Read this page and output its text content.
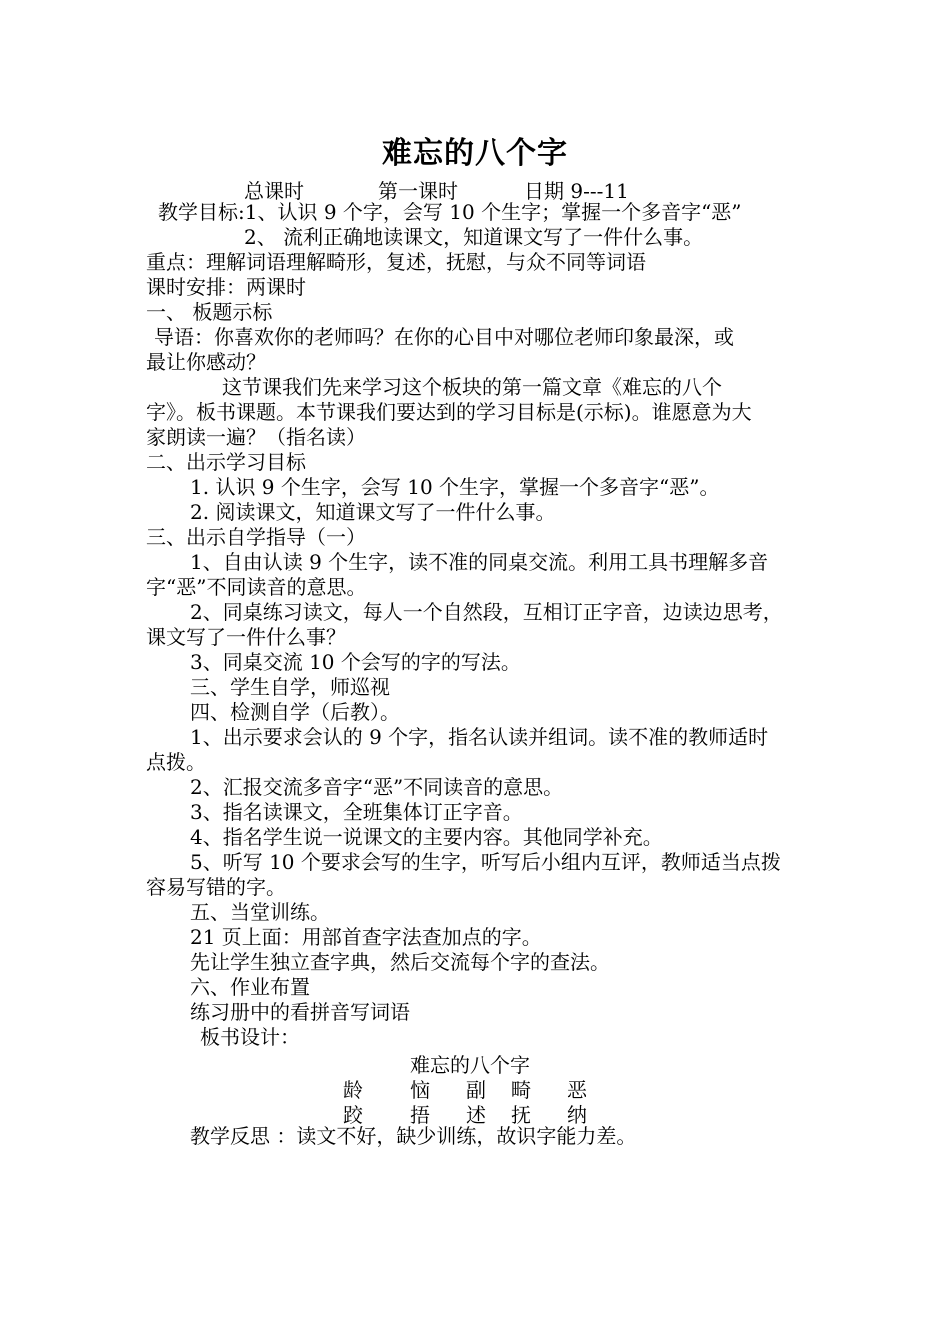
难忘的八个字
总课时	第一课时	日期 9---11
教学目标:1、认识 9 个字，会写 10 个生字；掌握一个多音字“恶”
2、 流利正确地读课文，知道课文写了一件什么事。
重点：理解词语理解畸形，复述，抚慰，与众不同等词语
课时安排：两课时
一、 板题示标
导语：你喜欢你的老师吗？在你的心目中对哪位老师印象最深，或
最让你感动？
这节课我们先来学习这个板块的第一篇文章《难忘的八个
字》。板书课题。本节课我们要达到的学习目标是(示标)。谁愿意为大
家朗读一遍？（指名读）
二、出示学习目标
1. 认识 9 个生字，会写 10 个生字，掌握一个多音字“恶”。
2. 阅读课文，知道课文写了一件什么事。
三、出示自学指导（一）
1、自由认读 9 个生字，读不准的同桌交流。利用工具书理解多音
字“恶”不同读音的意思。
2、同桌练习读文，每人一个自然段，互相订正字音，边读边思考，
课文写了一件什么事？
3、同桌交流 10 个会写的字的写法。
三、学生自学，师巡视
四、检测自学（后教）。
1、出示要求会认的 9 个字，指名认读并组词。读不准的教师适时
点拨。
2、汇报交流多音字“恶”不同读音的意思。
3、指名读课文，全班集体订正字音。
4、指名学生说一说课文的主要内容。其他同学补充。
5、听写 10 个要求会写的生字，听写后小组内互评，教师适当点拨
容易写错的字。
五、当堂训练。
21 页上面：用部首查字法查加点的字。
先让学生独立查字典，然后交流每个字的查法。
六、作业布置
练习册中的看拼音写词语
板书设计：
难忘的八个字
龄 恼 副 畸 恶
跤 捂 述 抚 纳
教学反思 ：读文不好，缺少训练，故识字能力差。
